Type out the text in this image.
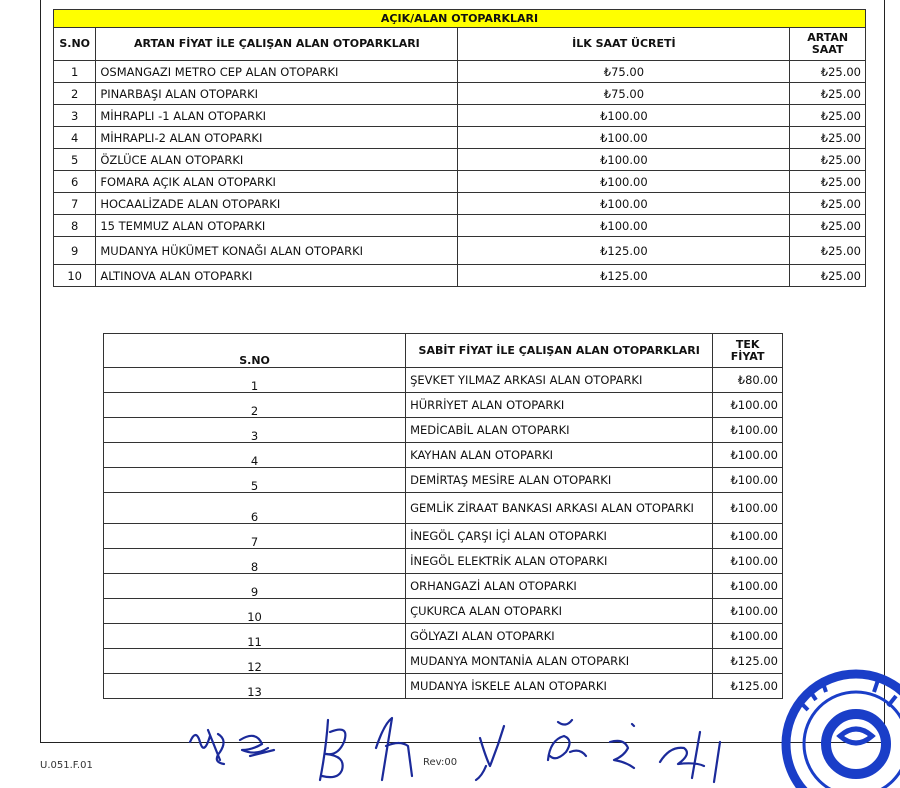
AÇIK/ALAN OTOPARKLARI			
S.NO	ARTAN FİYAT İLE ÇALIŞAN ALAN OTOPARKLARI	İLK SAAT ÜCRETİ	ARTAN SAAT
1	OSMANGAZI METRO CEP ALAN OTOPARKI	₺75.00	₺25.00
2	PINARBAŞI ALAN OTOPARKI	₺75.00	₺25.00
3	MİHRAPLI -1 ALAN OTOPARKI	₺100.00	₺25.00
4	MİHRAPLI-2 ALAN OTOPARKI	₺100.00	₺25.00
5	ÖZLÜCE ALAN OTOPARKI	₺100.00	₺25.00
6	FOMARA AÇIK ALAN OTOPARKI	₺100.00	₺25.00
7	HOCAALİZADE ALAN OTOPARKI	₺100.00	₺25.00
8	15 TEMMUZ ALAN OTOPARKI	₺100.00	₺25.00
9	MUDANYA HÜKÜMET KONAĞI ALAN OTOPARKI	₺125.00	₺25.00
10	ALTINOVA ALAN OTOPARKI	₺125.00	₺25.00
S.NO	SABİT FİYAT İLE ÇALIŞAN ALAN OTOPARKLARI	TEK FİYAT
1	ŞEVKET YILMAZ ARKASI ALAN OTOPARKI	₺80.00
2	HÜRRİYET ALAN OTOPARKI	₺100.00
3	MEDİCABİL ALAN OTOPARKI	₺100.00
4	KAYHAN ALAN OTOPARKI	₺100.00
5	DEMİRTAŞ MESİRE ALAN OTOPARKI	₺100.00
6	GEMLİK ZİRAAT BANKASI ARKASI ALAN OTOPARKI	₺100.00
7	İNEGÖL ÇARŞI İÇİ ALAN OTOPARKI	₺100.00
8	İNEGÖL ELEKTRİK ALAN OTOPARKI	₺100.00
9	ORHANGAZİ ALAN OTOPARKI	₺100.00
10	ÇUKURCA ALAN OTOPARKI	₺100.00
11	GÖLYAZI ALAN OTOPARKI	₺100.00
12	MUDANYA MONTANİA ALAN OTOPARKI	₺125.00
13	MUDANYA İSKELE ALAN OTOPARKI	₺125.00
U.051.F.01	Rev:00
